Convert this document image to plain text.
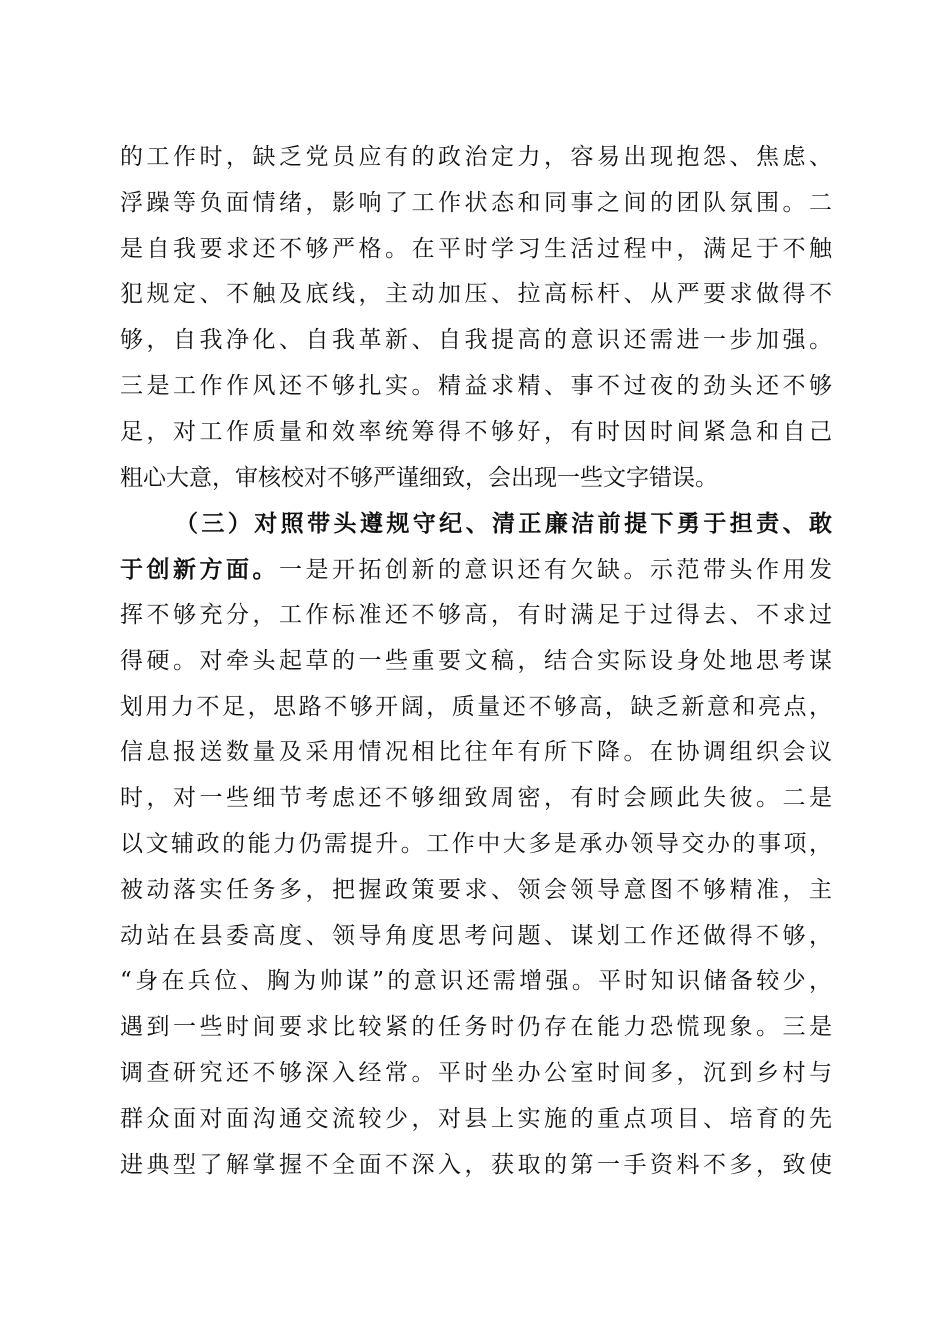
的工作时，缺乏党员应有的政治定力，容易出现抱怨、焦虑、
浮躁等负面情绪，影响了工作状态和同事之间的团队氛围。二
是自我要求还不够严格。在平时学习生活过程中，满足于不触
犯规定、不触及底线，主动加压、拉高标杆、从严要求做得不
够，自我净化、自我革新、自我提高的意识还需进一步加强。
三是工作作风还不够扎实。精益求精、事不过夜的劲头还不够
足，对工作质量和效率统筹得不够好，有时因时间紧急和自己
粗心大意，审核校对不够严谨细致，会出现一些文字错误。
（三）对照带头遵规守纪、清正廉洁前提下勇于担责、敢
于创新方面。一是开拓创新的意识还有欠缺。示范带头作用发
挥不够充分，工作标准还不够高，有时满足于过得去、不求过
得硬。对牵头起草的一些重要文稿，结合实际设身处地思考谋
划用力不足，思路不够开阔，质量还不够高，缺乏新意和亮点，
信息报送数量及采用情况相比往年有所下降。在协调组织会议
时，对一些细节考虑还不够细致周密，有时会顾此失彼。二是
以文辅政的能力仍需提升。工作中大多是承办领导交办的事项，
被动落实任务多，把握政策要求、领会领导意图不够精准，主
动站在县委高度、领导角度思考问题、谋划工作还做得不够，
“身在兵位、胸为帅谋”的意识还需增强。平时知识储备较少，
遇到一些时间要求比较紧的任务时仍存在能力恐慌现象。三是
调查研究还不够深入经常。平时坐办公室时间多，沉到乡村与
群众面对面沟通交流较少，对县上实施的重点项目、培育的先
进典型了解掌握不全面不深入，获取的第一手资料不多，致使
